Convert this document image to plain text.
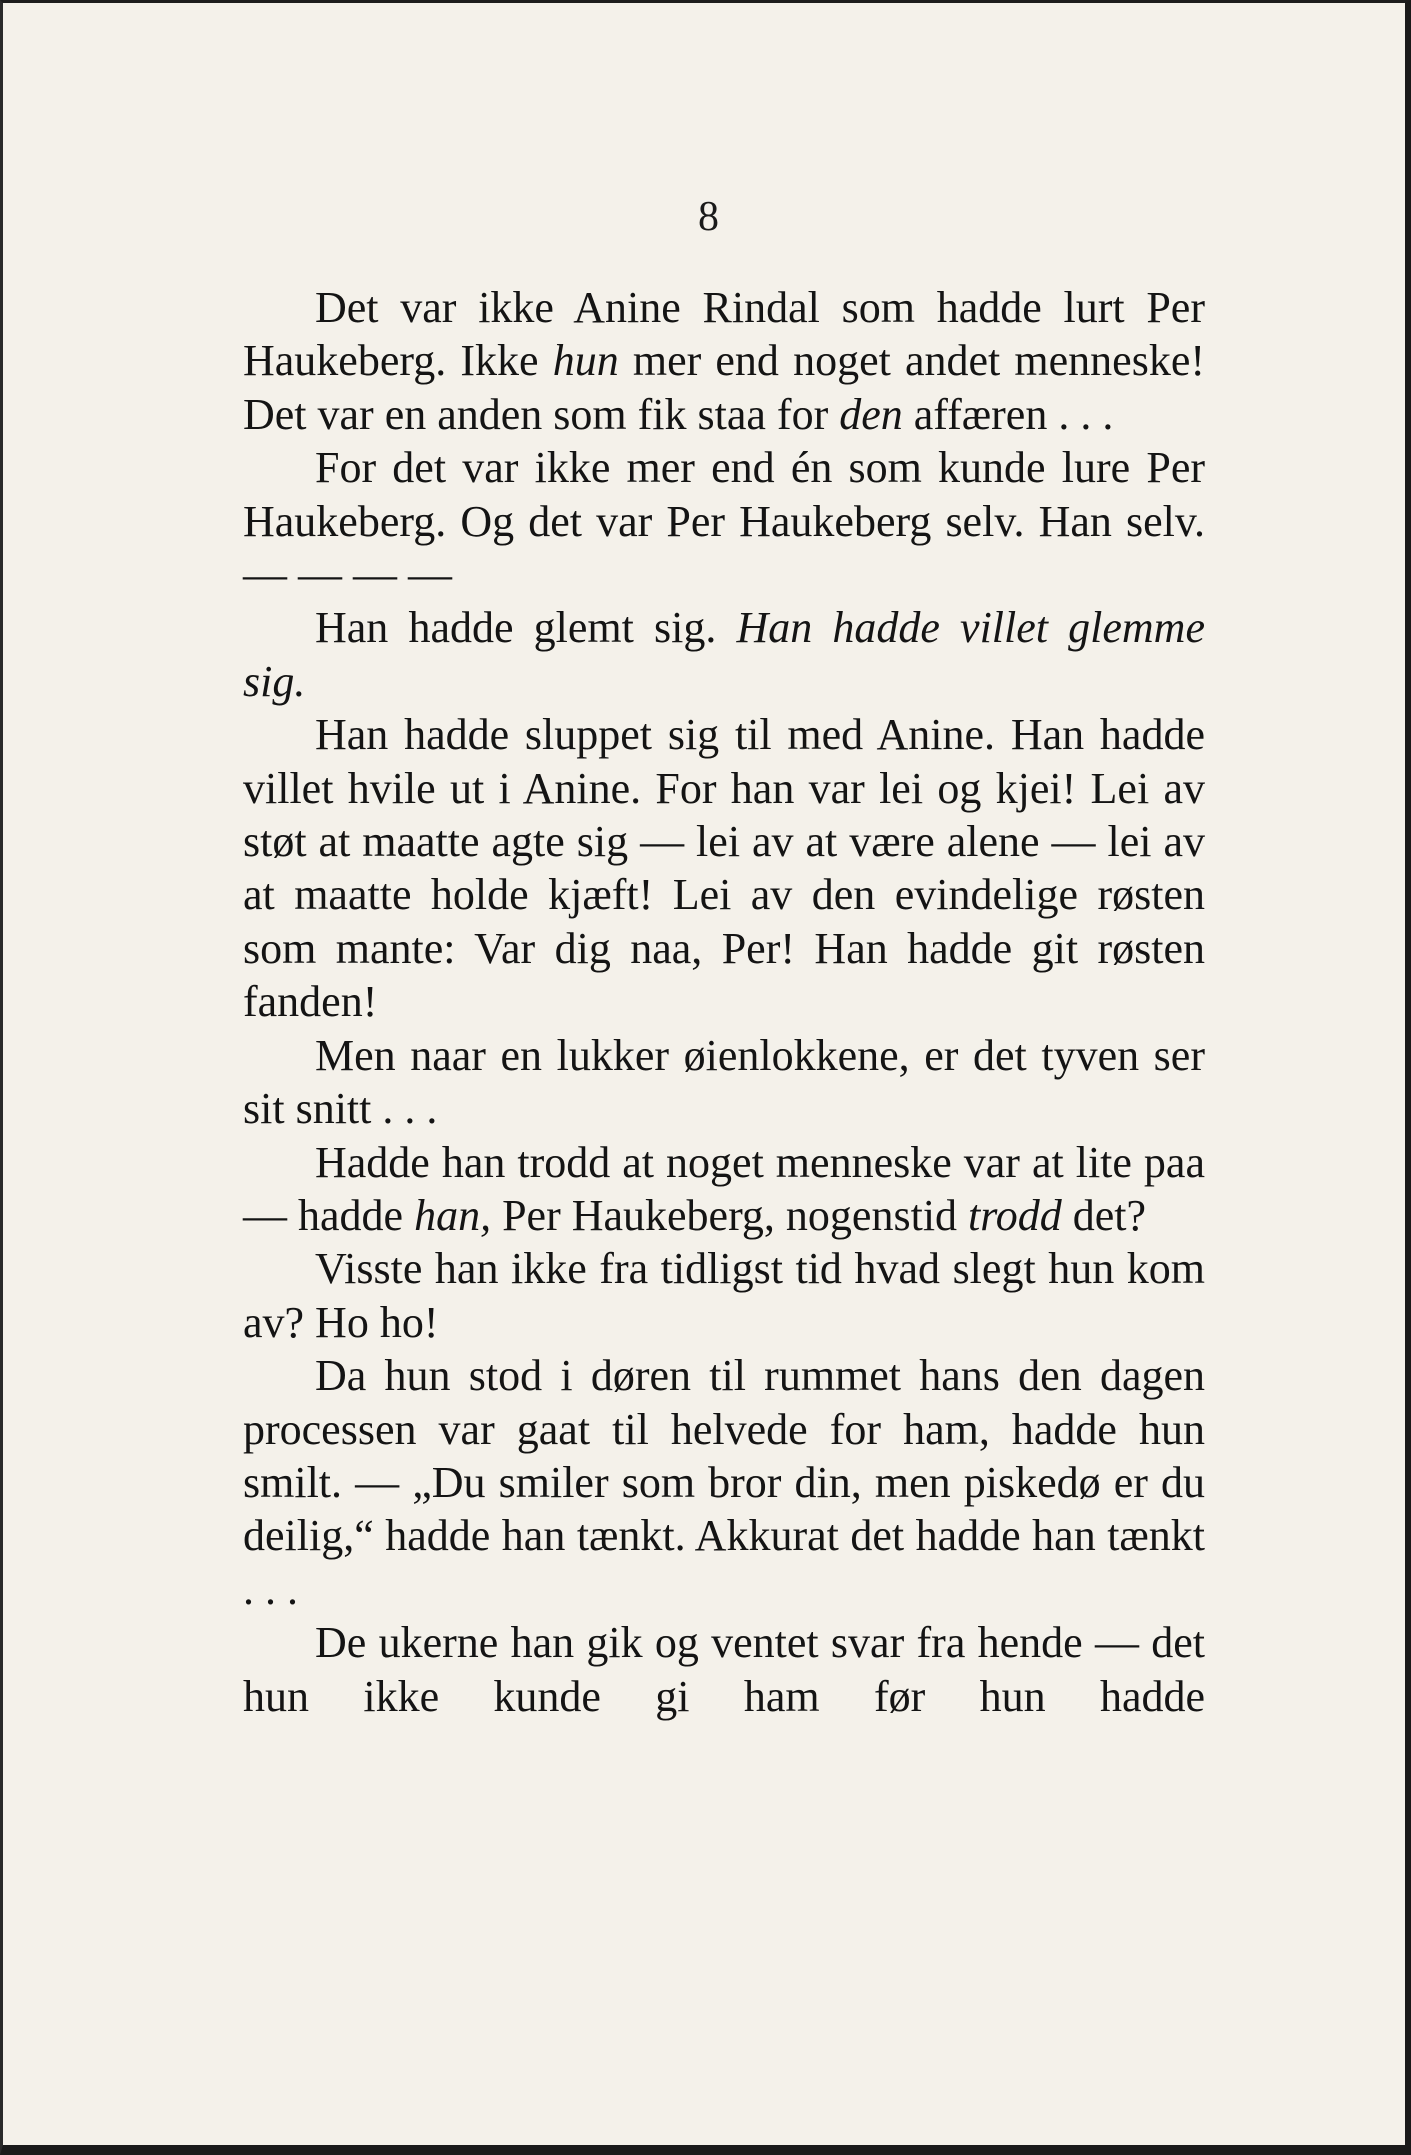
8

Det var ikke Anine Rindal som hadde lurt Per Haukeberg. Ikke hun mer end noget andet menneske! Det var en anden som fik staa for den affæren . . .

For det var ikke mer end én som kunde lure Per Haukeberg. Og det var Per Haukeberg selv. Han selv. — — — —

Han hadde glemt sig. Han hadde villet glemme sig.

Han hadde sluppet sig til med Anine. Han hadde villet hvile ut i Anine. For han var lei og kjei! Lei av støt at maatte agte sig — lei av at være alene — lei av at maatte holde kjæft! Lei av den evindelige røsten som mante: Var dig naa, Per! Han hadde git røsten fanden!

Men naar en lukker øienlokkene, er det tyven ser sit snitt . . .

Hadde han trodd at noget menneske var at lite paa — hadde han, Per Haukeberg, nogenstid trodd det?

Visste han ikke fra tidligst tid hvad slegt hun kom av? Ho ho!

Da hun stod i døren til rummet hans den dagen processen var gaat til helvede for ham, hadde hun smilt. — „Du smiler som bror din, men piskedø er du deilig,“ hadde han tænkt. Akkurat det hadde han tænkt . . .

De ukerne han gik og ventet svar fra hende — det hun ikke kunde gi ham før hun hadde
